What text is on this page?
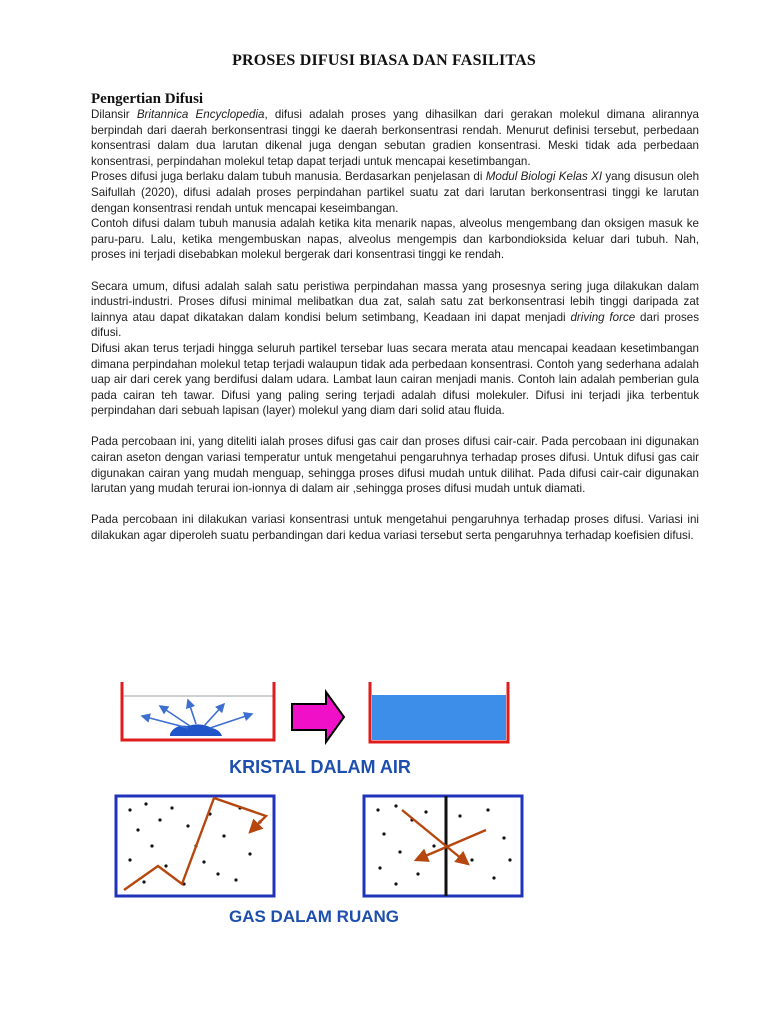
PROSES DIFUSI BIASA DAN FASILITAS
Pengertian Difusi

Dilansir Britannica Encyclopedia, difusi adalah proses yang dihasilkan dari gerakan molekul dimana alirannya berpindah dari daerah berkonsentrasi tinggi ke daerah berkonsentrasi rendah. Menurut definisi tersebut, perbedaan konsentrasi dalam dua larutan dikenal juga dengan sebutan gradien konsentrasi. Meski tidak ada perbedaan konsentrasi, perpindahan molekul tetap dapat terjadi untuk mencapai kesetimbangan.

Proses difusi juga berlaku dalam tubuh manusia. Berdasarkan penjelasan di Modul Biologi Kelas XI yang disusun oleh Saifullah (2020), difusi adalah proses perpindahan partikel suatu zat dari larutan berkonsentrasi tinggi ke larutan dengan konsentrasi rendah untuk mencapai keseimbangan.

Contoh difusi dalam tubuh manusia adalah ketika kita menarik napas, alveolus mengembang dan oksigen masuk ke paru-paru. Lalu, ketika mengembuskan napas, alveolus mengempis dan karbondioksida keluar dari tubuh. Nah, proses ini terjadi disebabkan molekul bergerak dari konsentrasi tinggi ke rendah.

Secara umum, difusi adalah salah satu peristiwa perpindahan massa yang prosesnya sering juga dilakukan dalam industri-industri. Proses difusi minimal melibatkan dua zat, salah satu zat berkonsentrasi lebih tinggi daripada zat lainnya atau dapat dikatakan dalam kondisi belum setimbang, Keadaan ini dapat menjadi driving force dari proses difusi.

Difusi akan terus terjadi hingga seluruh partikel tersebar luas secara merata atau mencapai keadaan kesetimbangan dimana perpindahan molekul tetap terjadi walaupun tidak ada perbedaan konsentrasi. Contoh yang sederhana adalah uap air dari cerek yang berdifusi dalam udara. Lambat laun cairan menjadi manis. Contoh lain adalah pemberian gula pada cairan teh tawar. Difusi yang paling sering terjadi adalah difusi molekuler. Difusi ini terjadi jika terbentuk perpindahan dari sebuah lapisan (layer) molekul yang diam dari solid atau fluida.

Pada percobaan ini, yang diteliti ialah proses difusi gas cair dan proses difusi cair-cair. Pada percobaan ini digunakan cairan aseton dengan variasi temperatur untuk mengetahui pengaruhnya terhadap proses difusi. Untuk difusi gas cair digunakan cairan yang mudah menguap, sehingga proses difusi mudah untuk dilihat. Pada difusi cair-cair digunakan larutan yang mudah terurai ion-ionnya di dalam air ,sehingga proses difusi mudah untuk diamati.

Pada percobaan ini dilakukan variasi konsentrasi untuk mengetahui pengaruhnya terhadap proses difusi. Variasi ini dilakukan agar diperoleh suatu perbandingan dari kedua variasi tersebut serta pengaruhnya terhadap koefisien difusi.

KRISTAL DALAM AIR
GAS DALAM RUANG
